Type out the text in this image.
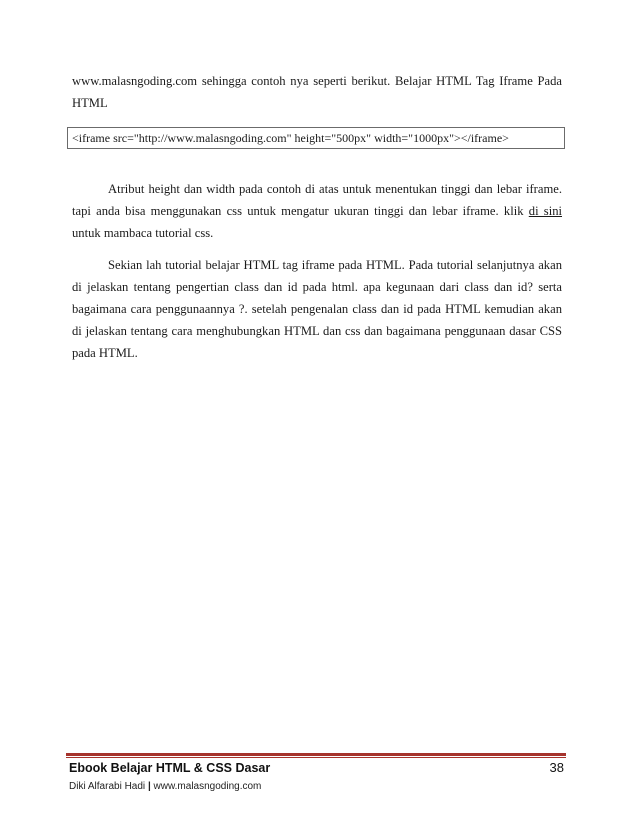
www.malasngoding.com sehingga contoh nya seperti berikut. Belajar HTML Tag Iframe Pada HTML

<iframe src="http://www.malasngoding.com" height="500px" width="1000px"></iframe>

Atribut height dan width pada contoh di atas untuk menentukan tinggi dan lebar iframe. tapi anda bisa menggunakan css untuk mengatur ukuran tinggi dan lebar iframe. klik di sini untuk mambaca tutorial css.

Sekian lah tutorial belajar HTML tag iframe pada HTML. Pada tutorial selanjutnya akan di jelaskan tentang pengertian class dan id pada html. apa kegunaan dari class dan id? serta bagaimana cara penggunaannya ?. setelah pengenalan class dan id pada HTML kemudian akan di jelaskan tentang cara menghubungkan HTML dan css dan bagaimana penggunaan dasar CSS pada HTML.

Ebook Belajar HTML & CSS Dasar	38
Diki Alfarabi Hadi | www.malasngoding.com
